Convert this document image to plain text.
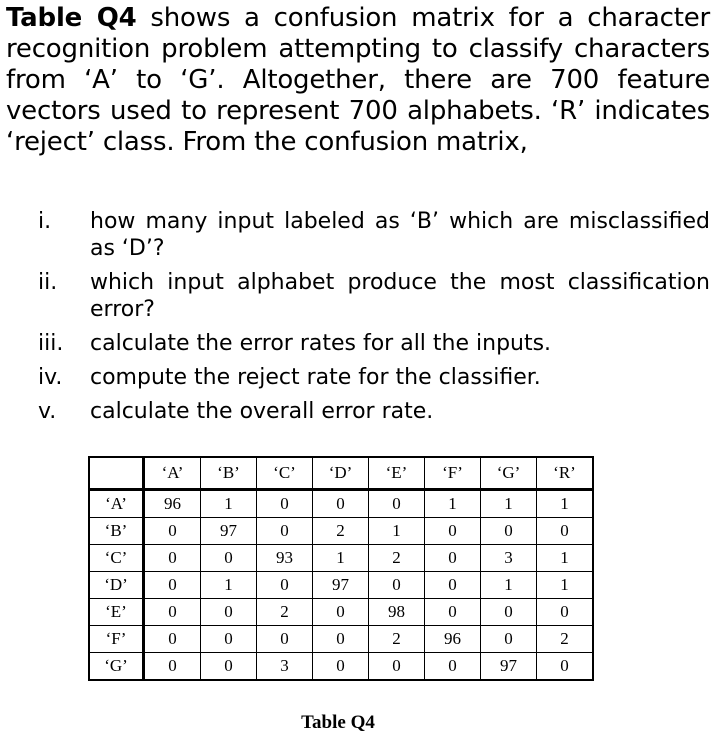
Table Q4 shows a confusion matrix for a character recognition problem attempting to classify characters from ‘A’ to ‘G’. Altogether, there are 700 feature vectors used to represent 700 alphabets. ‘R’ indicates ‘reject’ class. From the confusion matrix,
i.	how many input labeled as ‘B’ which are misclassified as ‘D’?
ii.	which input alphabet produce the most classification error?
iii.	calculate the error rates for all the inputs.
iv.	compute the reject rate for the classifier.
v.	calculate the overall error rate.
	‘A’	‘B’	‘C’	‘D’	‘E’	‘F’	‘G’	‘R’
‘A’	96	1	0	0	0	1	1	1
‘B’	0	97	0	2	1	0	0	0
‘C’	0	0	93	1	2	0	3	1
‘D’	0	1	0	97	0	0	1	1
‘E’	0	0	2	0	98	0	0	0
‘F’	0	0	0	0	2	96	0	2
‘G’	0	0	3	0	0	0	97	0
Table Q4
